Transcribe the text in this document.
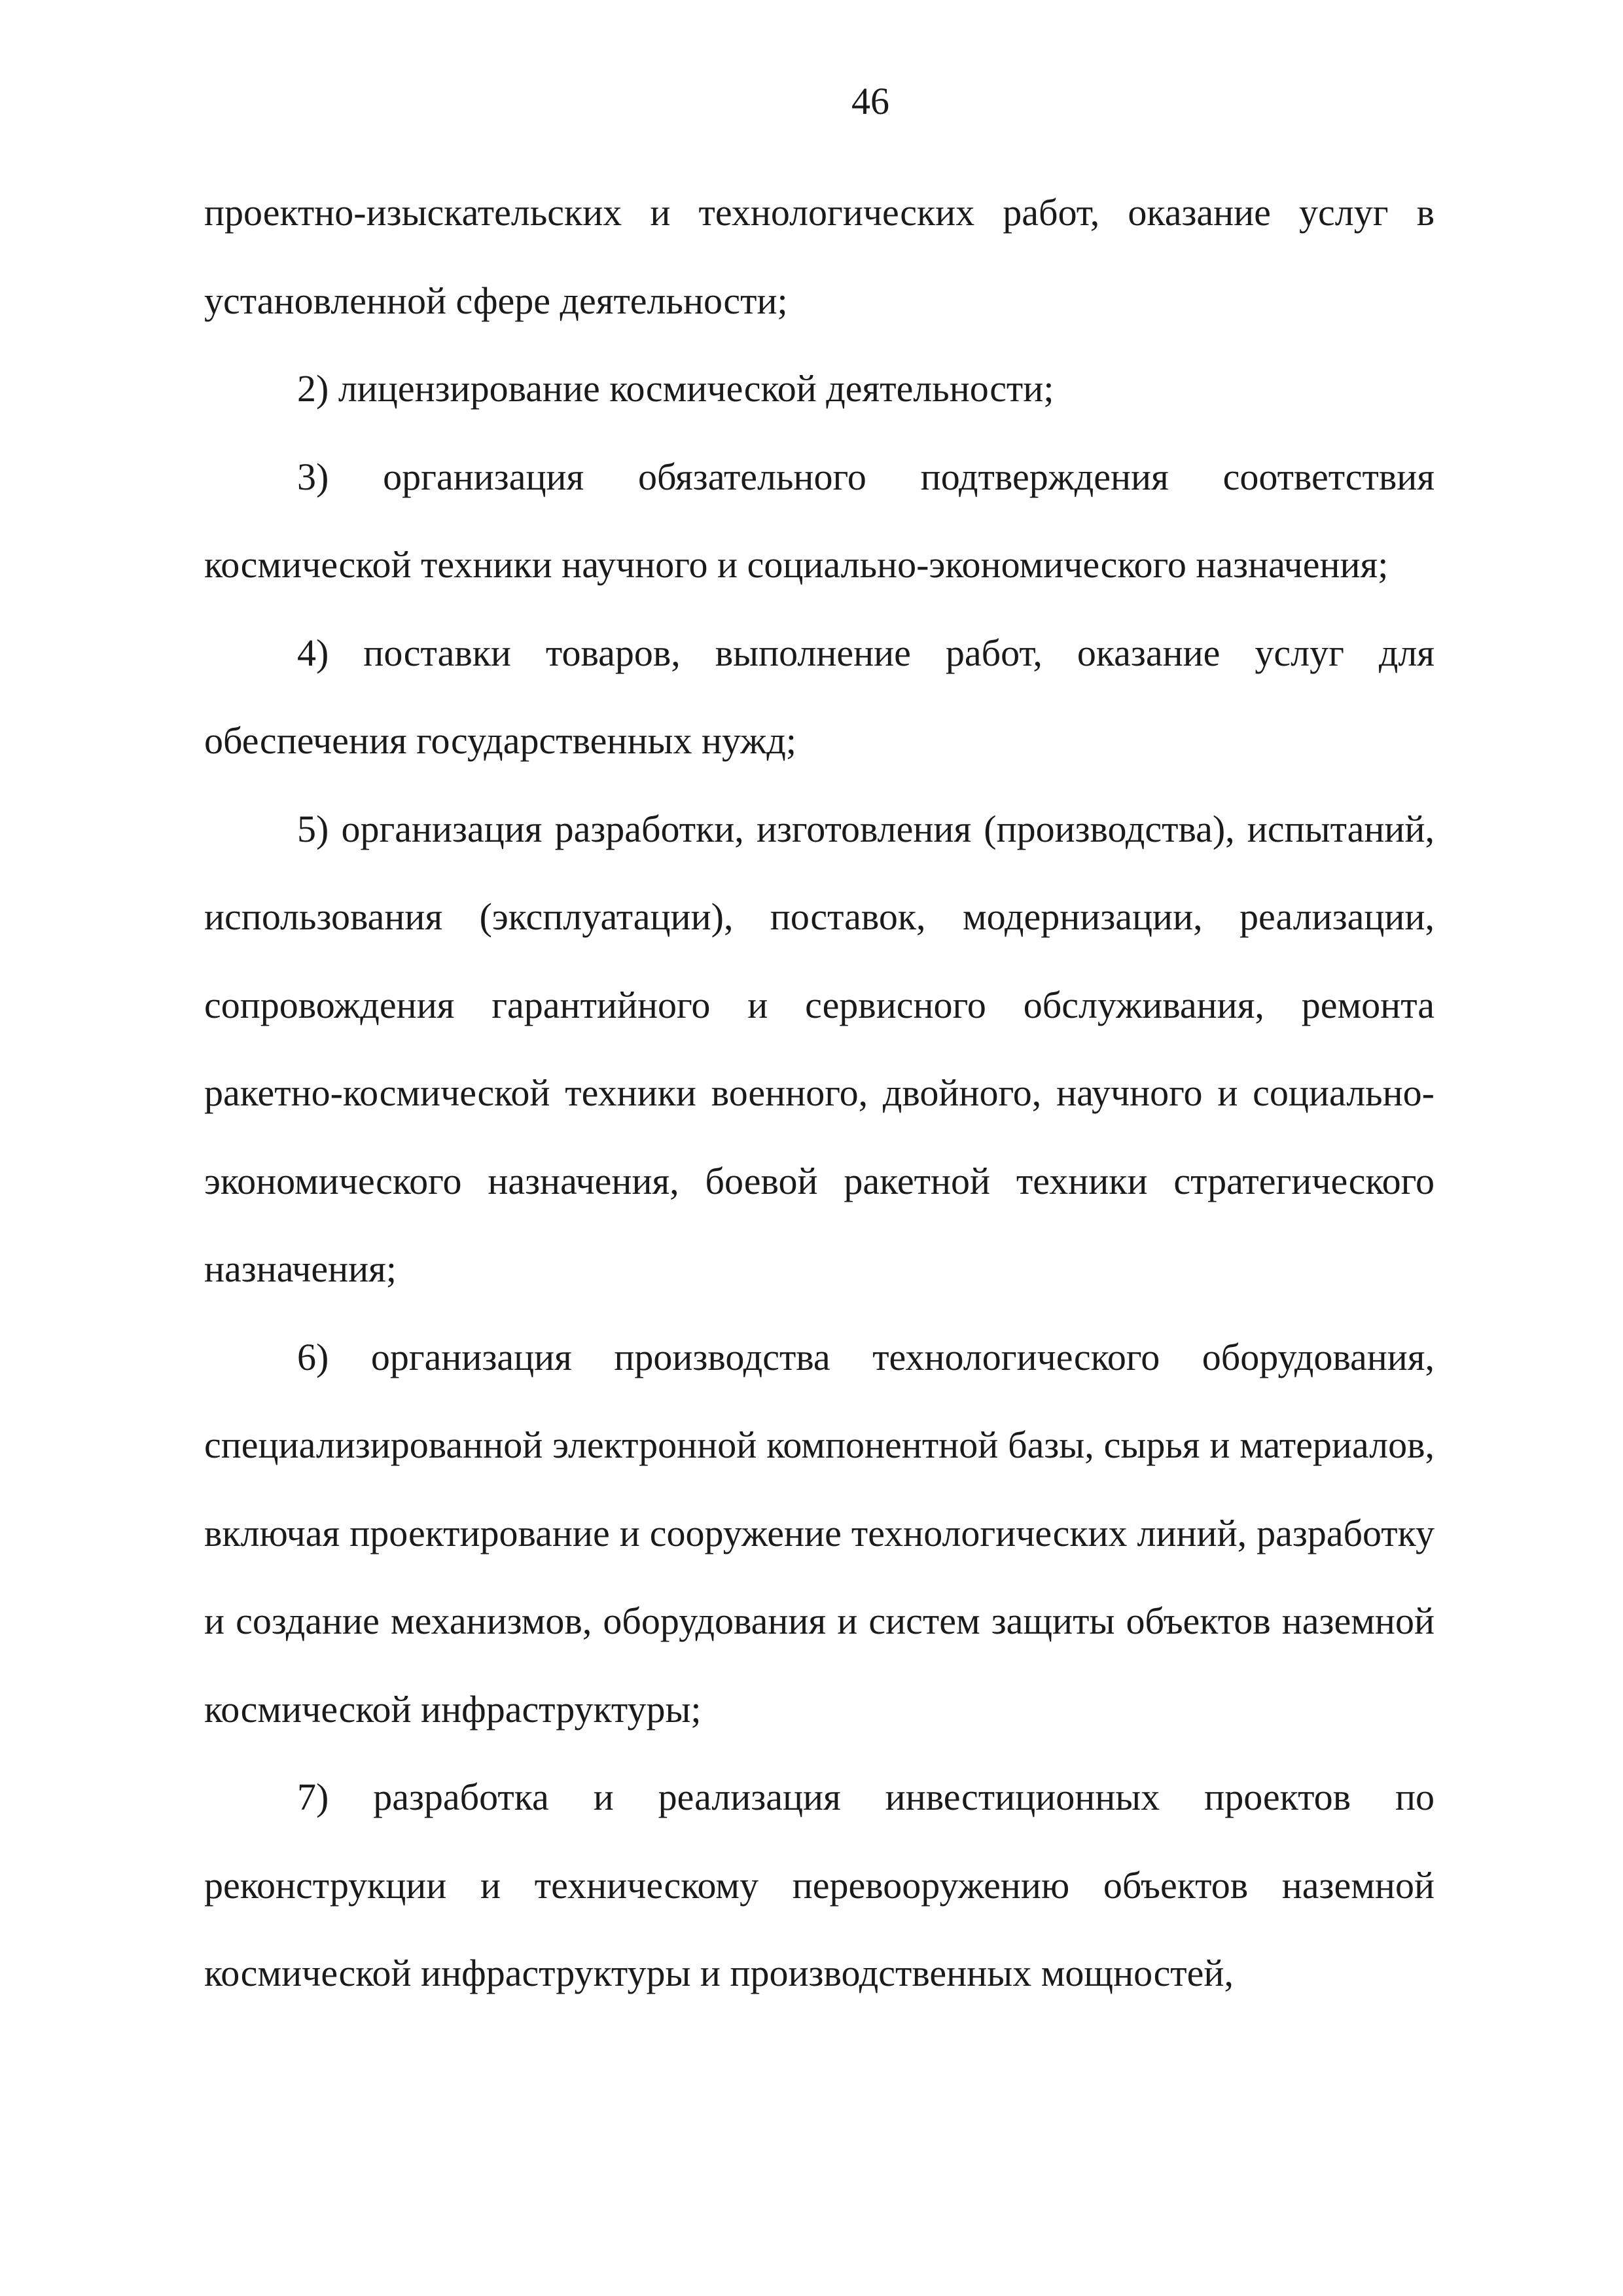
46

проектно-изыскательских и технологических работ, оказание услуг в установленной сфере деятельности;

2) лицензирование космической деятельности;

3) организация обязательного подтверждения соответствия космической техники научного и социально-экономического назначения;

4) поставки товаров, выполнение работ, оказание услуг для обеспечения государственных нужд;

5) организация разработки, изготовления (производства), испытаний, использования (эксплуатации), поставок, модернизации, реализации, сопровождения гарантийного и сервисного обслуживания, ремонта ракетно-космической техники военного, двойного, научного и социально-экономического назначения, боевой ракетной техники стратегического назначения;

6) организация производства технологического оборудования, специализированной электронной компонентной базы, сырья и материалов, включая проектирование и сооружение технологических линий, разработку и создание механизмов, оборудования и систем защиты объектов наземной космической инфраструктуры;

7) разработка и реализация инвестиционных проектов по реконструкции и техническому перевооружению объектов наземной космической инфраструктуры и производственных мощностей,
